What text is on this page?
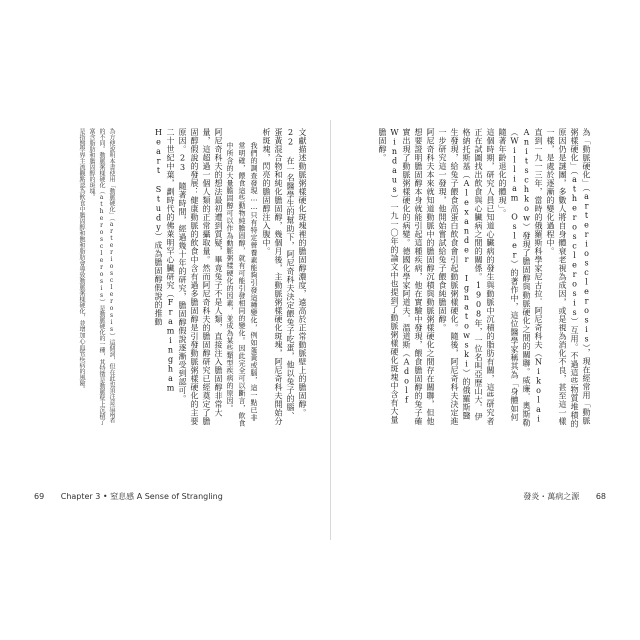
為「動脈硬化」（arteriosclerosis），現在經常用「動脈粥樣硬化」（atherosclerosis）互用。不過這些物質堆積的原因仍是謎團，多數人將自身體衰老視為成因，或是視為消化不良，甚至這一樣一樣，是處於逐漸的變化過程中。

直到一九一三年，當時的俄羅斯科學家尼古拉．阿尼奇科夫（Nikolai Anitschkow）發現了膽固醇與動脈硬化之間的關聯。威廉．奧斯勒（William Osler）的著作中，這位醫學家稱其為「身體如何隨著年齡退化的體現」。

這個時期，研究人員已知道心臟病的發生與動脈中沉積的脂肪有關，這些研究者正在試圖找出飲食與心臟病之間的關係。1908年，一位名叫亞歷山大．伊格納托斯基（Alexander Ignatowski）的俄羅斯醫生發現，給兔子餵食高蛋白飲食會引起動脈粥樣硬化。隨後，阿尼奇科夫決定進一步研究這一發現，他開始嘗試給兔子餵食純膽固醇。

阿尼奇科夫本來就知道動脈中的膽固醇沉積與動脈粥樣硬化之間存在關聯，但他想要證明膽固醇本身就能引起這種疾病，他在實驗中發現，餵食膽固醇的兔子確實出現了動脈粥樣硬化的病變。德國化學家阿道夫．溫道斯（Adolf Windaus）一九一〇年的論文中也提到了動脈粥樣硬化斑塊中含有大量膽固醇。

文獻描述動脈粥樣硬化斑塊裡的膽固醇濃度，遠高於正常動脈壁上的膽固醇。22 在一名醫學生的幫助下，阿尼奇科夫決定餵兔子吃蛋，他以兔子的腦、蛋黃混合物和純化膽固醇，幾個月後，主動脈粥樣硬化斑塊，阿尼奇科夫開始分析斑塊，閃亮的膽固醇注入腹中。

我們的調查發現……只有特定營養素能夠引發這種變化，例如蛋黃或腦，這一點已非常明確，餵食這些動物純膽固醇，就有可能引發相同的變化。因此完全可以斷言，飲食中所含的大量膽固醇可以作為動脈粥樣硬化的因素，並成為某些類型疾病的原因。

阿尼奇科夫的想法最初遭到質疑，畢竟兔子不是人類，直接注入膽固醇非常大量，這超過一個人類的正常攝取量。然而阿尼奇科夫的膽固醇研究已經奠定了膽固醇假說的發展：健康動脈的飲食中含有過多膽固醇是引發動脈粥樣硬化的主要原因。23 隨著時間，經過幾十年的研究，膽固醇假說逐漸受到認可。

二十世紀中葉，劃時代的佛萊明罕心臟研究（Framingham Heart Study）成為膽固醇假說的推動

為方便說明本書使用「動脈硬化」（arteriosclerosis）這個詞，但在此也須注意這兩者的不同。動脈粥樣硬化（atherosclerosis）是動脈硬化的一種，其特徵是動脈壁上沉積了富含脂肪和膽固醇的斑塊。

是指醫學界主流觀點認為飲食中膽固醇和飽和脂肪會導致動脈粥樣硬化，並增加心血管疾病的風險。

69 Chapter 3 • 窒息感 A Sense of Strangling	發炎・萬病之源 68
